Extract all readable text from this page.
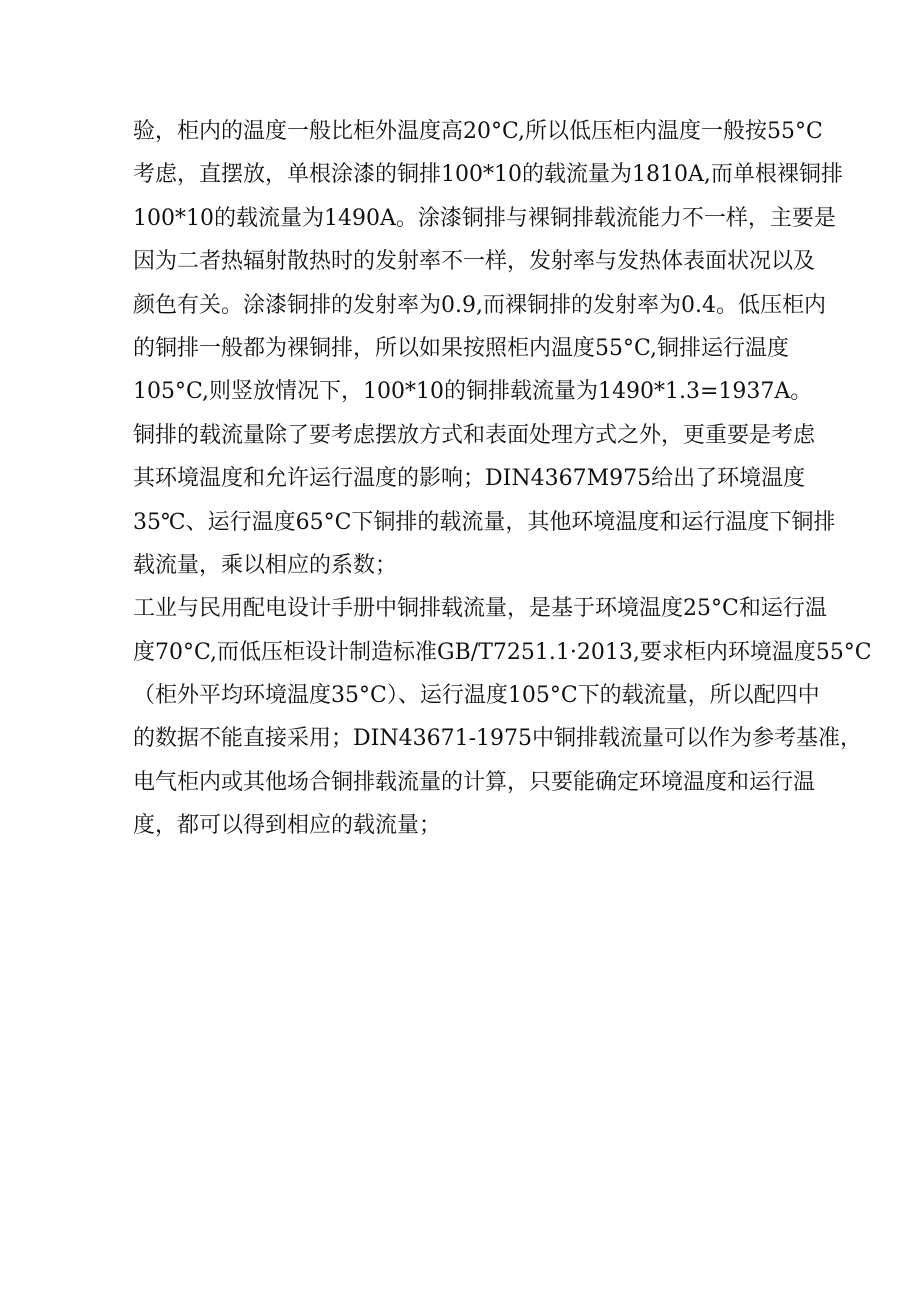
验，柜内的温度一般比柜外温度高20°C,所以低压柜内温度一般按55°C

考虑，直摆放，单根涂漆的铜排100*10的载流量为1810A,而单根裸铜排

100*10的载流量为1490A。涂漆铜排与裸铜排载流能力不一样，主要是

因为二者热辐射散热时的发射率不一样，发射率与发热体表面状况以及

颜色有关。涂漆铜排的发射率为0.9,而裸铜排的发射率为0.4。低压柜内

的铜排一般都为裸铜排，所以如果按照柜内温度55°C,铜排运行温度

105°C,则竖放情况下，100*10的铜排载流量为1490*1.3=1937A。

铜排的载流量除了要考虑摆放方式和表面处理方式之外，更重要是考虑

其环境温度和允许运行温度的影响；DIN4367M975给出了环境温度

35℃、运行温度65°C下铜排的载流量，其他环境温度和运行温度下铜排

载流量，乘以相应的系数；

工业与民用配电设计手册中铜排载流量，是基于环境温度25°C和运行温

度70°C,而低压柜设计制造标准GB/T7251.1·2013,要求柜内环境温度55°C

（柜外平均环境温度35°C）、运行温度105°C下的载流量，所以配四中

的数据不能直接采用；DIN43671-1975中铜排载流量可以作为参考基准，

电气柜内或其他场合铜排载流量的计算，只要能确定环境温度和运行温

度，都可以得到相应的载流量；
